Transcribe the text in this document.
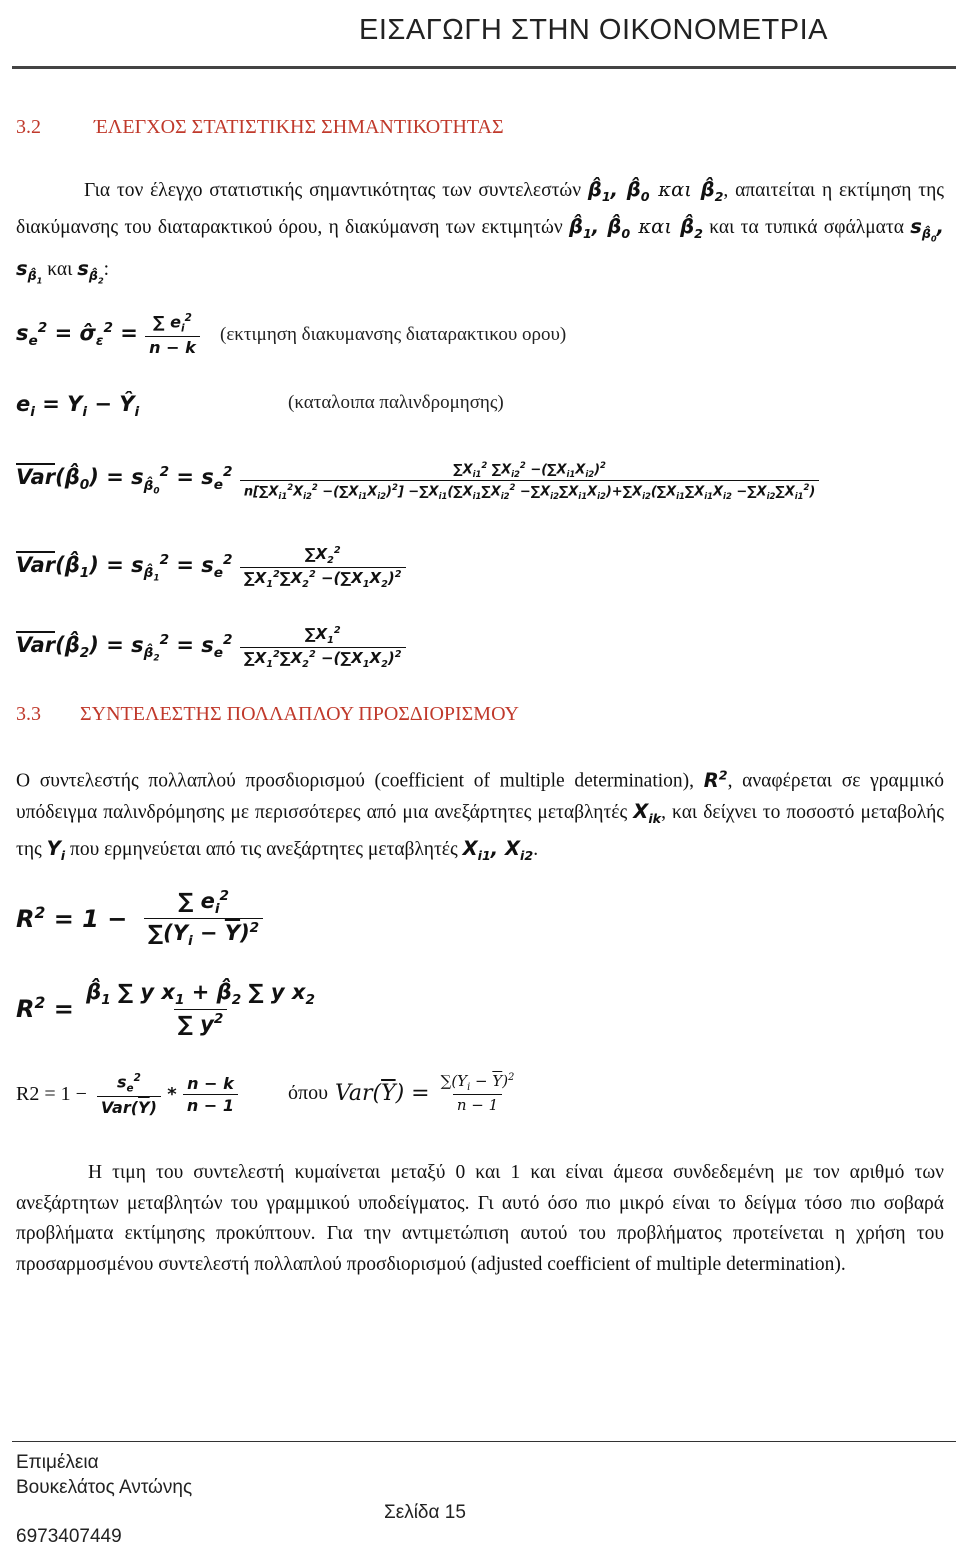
ΕΙΣΑΓΩΓΗ ΣΤΗΝ ΟΙΚΟΝΟΜΕΤΡΙΑ
3.2	ΈΛΕΓΧΟΣ ΣΤΑΤΙΣΤΙΚΗΣ ΣΗΜΑΝΤΙΚΟΤΗΤΑΣ
Για τον έλεγχο στατιστικής σημαντικότητας των συντελεστών $\betâ_1$, $\betâ_0$ και $\betâ_2$, απαιτείται η εκτίμηση της διακύμανσης του διαταρακτικού όρου, η διακύμανση των εκτιμητών $\betâ_1$, $\betâ_0$ και $\betâ_2$ και τα τυπικά σφάλματα $s_{\betâ_0}$, $s_{\betâ_1}$ και $s_{\betâ_2}$:
$s_e^2$ = $\sigmâ_\varepsilon^2 = \frac{\sum e_i^2}{n - k} (\varepsilon\kappa\tau\iota\mu\eta\sigma\eta$ διακυμανσης διαταρακτικου ορου)
$e_i = Y_i$ − $Ŷ_i$	(καταλοιπα παλινδρομησης)
$Var(\betâ_0) = s_{\betâ_0}^2 = s_e^2$	$\sum X_{i1}^2$ $\sum X_{i2}^2 -(\sum X_{i1}X_{i2})^2$
$n[\sum X_{i1}^2X_{i2}^2 -(\sum X_{i1}X_{i2})^2] -\sum X_{i1}(\sum X_{i1}\sum X_{i2}^2 -\sum X_{i2}\sum X_{i1}X_{i2})+\sum X_{i2}(\sum X_{i1}\sum X_{i1}X_{i2} -\sum X_{i2}\sum X_{i1}^2)$
$Var(\betâ_1) = s_{\betâ_1}^2 = s_e^2 \frac{\sum X_2^2}{\sum X_1^2\sum X_2^2 -(\sum X_1X_2)^2}$
$Var(\betâ_2) = s_{\betâ_2}^2 = s_e^2 \frac{\sum X_1^2}{\sum X_1^2\sum X_2^2 -(\sum X_1X_2)^2}$
3.3 ΣΥΝΤΕΛΕΣΤΗΣ ΠΟΛΛΑΠΛΟΥ ΠΡΟΣΔΙΟΡΙΣΜΟΥ
Ο συντελεστής πολλαπλού προσδιορισμού (coefficient of multiple determination), $R^2$, αναφέρεται σε γραμμικό υπόδειγμα παλινδρόμησης με περισσότερες από μια ανεξάρτητες μεταβλητές $X_{ik}$, και δείχνει το ποσοστό μεταβολής της $Y_i$ που ερμηνεύεται από τις ανεξάρτητες μεταβλητές $X_{i1}$, $X_{i2}$.
$R^2 = 1 - \frac{\sum e_i^2}{\sum(Y_i - \overline{Y})^2}$
$R^2 = \frac{\betâ_1 \sum y x_1 + \betâ_2 \sum y x_2}{\sum y^2}$
$R2 = 1 - \frac{s_e^2}{Var(\overline{Y})} * \frac{n - k}{n - 1}$	όπου $Var(\overline{Y}) = \frac{\sum(Y_i - \overline{Y})^2}{n - 1}$
Η τιμη του συντελεστή κυμαίνεται μεταξύ 0 και 1 και είναι άμεσα συνδεδεμένη με τον αριθμό των ανεξάρτητων μεταβλητών του γραμμικού υποδείγματος. Γι αυτό όσο πιο μικρό είναι το δείγμα τόσο πιο σοβαρά προβλήματα εκτίμησης προκύπτουν. Για την αντιμετώπιση αυτού του προβλήματος προτείνεται η χρήση του προσαρμοσμένου συντελεστή πολλαπλού προσδιορισμού (adjusted coefficient of multiple determination).
Επιμέλεια
Βουκελάτος Αντώνης
Σελίδα 15
6973407449
